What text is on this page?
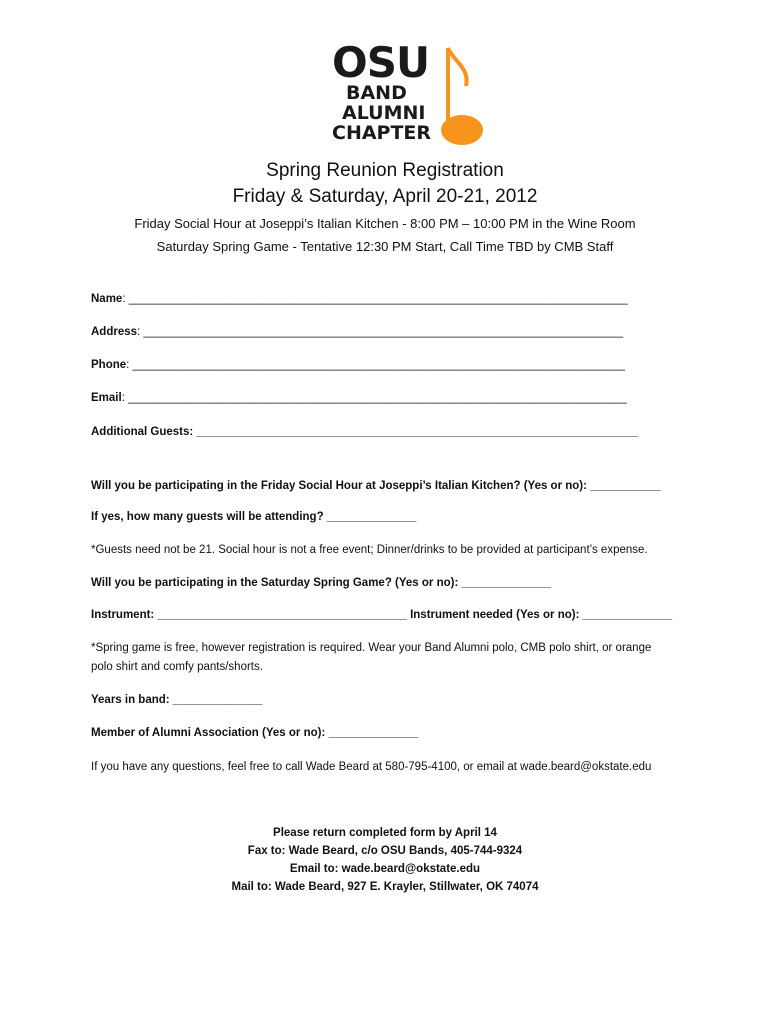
OSU
BAND
ALUMNI
CHAPTER
Spring Reunion Registration
Friday & Saturday, April 20-21, 2012
Friday Social Hour at Joseppi’s Italian Kitchen - 8:00 PM – 10:00 PM in the Wine Room
Saturday Spring Game - Tentative 12:30 PM Start, Call Time TBD by CMB Staff
Name: ______________________________________________________________________________
Address: ___________________________________________________________________________
Phone: _____________________________________________________________________________
Email: ______________________________________________________________________________
Additional Guests: _____________________________________________________________________
Will you be participating in the Friday Social Hour at Joseppi’s Italian Kitchen? (Yes or no): ___________
If yes, how many guests will be attending? ______________
*Guests need not be 21. Social hour is not a free event; Dinner/drinks to be provided at participant’s expense.
Will you be participating in the Saturday Spring Game? (Yes or no): ______________
Instrument: _______________________________________ Instrument needed (Yes or no): ______________
*Spring game is free, however registration is required. Wear your Band Alumni polo, CMB polo shirt, or orange
polo shirt and comfy pants/shorts.
Years in band: ______________
Member of Alumni Association (Yes or no): ______________
If you have any questions, feel free to call Wade Beard at 580-795-4100, or email at wade.beard@okstate.edu
Please return completed form by April 14
Fax to: Wade Beard, c/o OSU Bands, 405-744-9324
Email to: wade.beard@okstate.edu
Mail to: Wade Beard, 927 E. Krayler, Stillwater, OK 74074
